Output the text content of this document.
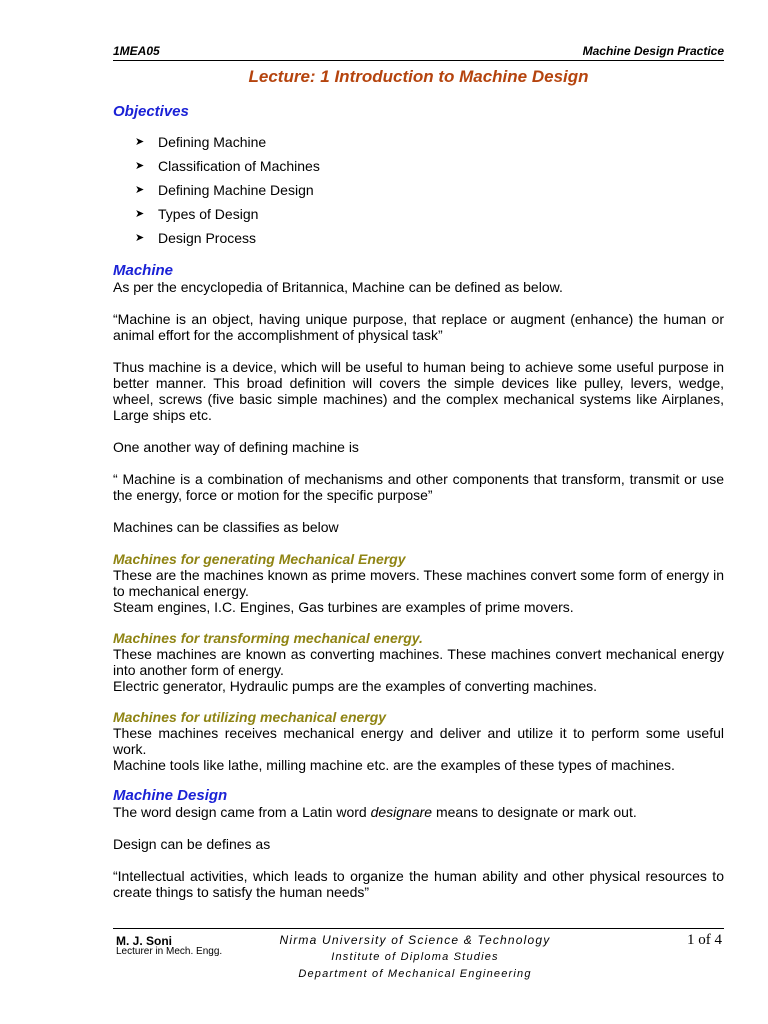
1MEA05	Machine Design Practice
Lecture: 1 Introduction to Machine Design
Objectives
➤ Defining Machine
➤ Classification of Machines
➤ Defining Machine Design
➤ Types of Design
➤ Design Process
Machine

As per the encyclopedia of Britannica, Machine can be defined as below.

“Machine is an object, having unique purpose, that replace or augment (enhance) the human or animal effort for the accomplishment of physical task”

Thus machine is a device, which will be useful to human being to achieve some useful purpose in better manner. This broad definition will covers the simple devices like pulley, levers, wedge, wheel, screws (five basic simple machines) and the complex mechanical systems like Airplanes, Large ships etc.

One another way of defining machine is

“ Machine is a combination of mechanisms and other components that transform, transmit or use the energy, force or motion for the specific purpose”

Machines can be classifies as below

Machines for generating Mechanical Energy

These are the machines known as prime movers. These machines convert some form of energy in to mechanical energy.

Steam engines, I.C. Engines, Gas turbines are examples of prime movers.

Machines for transforming mechanical energy.

These machines are known as converting machines. These machines convert mechanical energy into another form of energy.

Electric generator, Hydraulic pumps are the examples of converting machines.

Machines for utilizing mechanical energy

These machines receives mechanical energy and deliver and utilize it to perform some useful work.

Machine tools like lathe, milling machine etc. are the examples of these types of machines.

Machine Design

The word design came from a Latin word designare means to designate or mark out.

Design can be defines as

“Intellectual activities, which leads to organize the human ability and other physical resources to create things to satisfy the human needs”

M. J. Soni
Lecturer in Mech. Engg.
Nirma University of Science & Technology
Institute of Diploma Studies
Department of Mechanical Engineering
1 of 4
